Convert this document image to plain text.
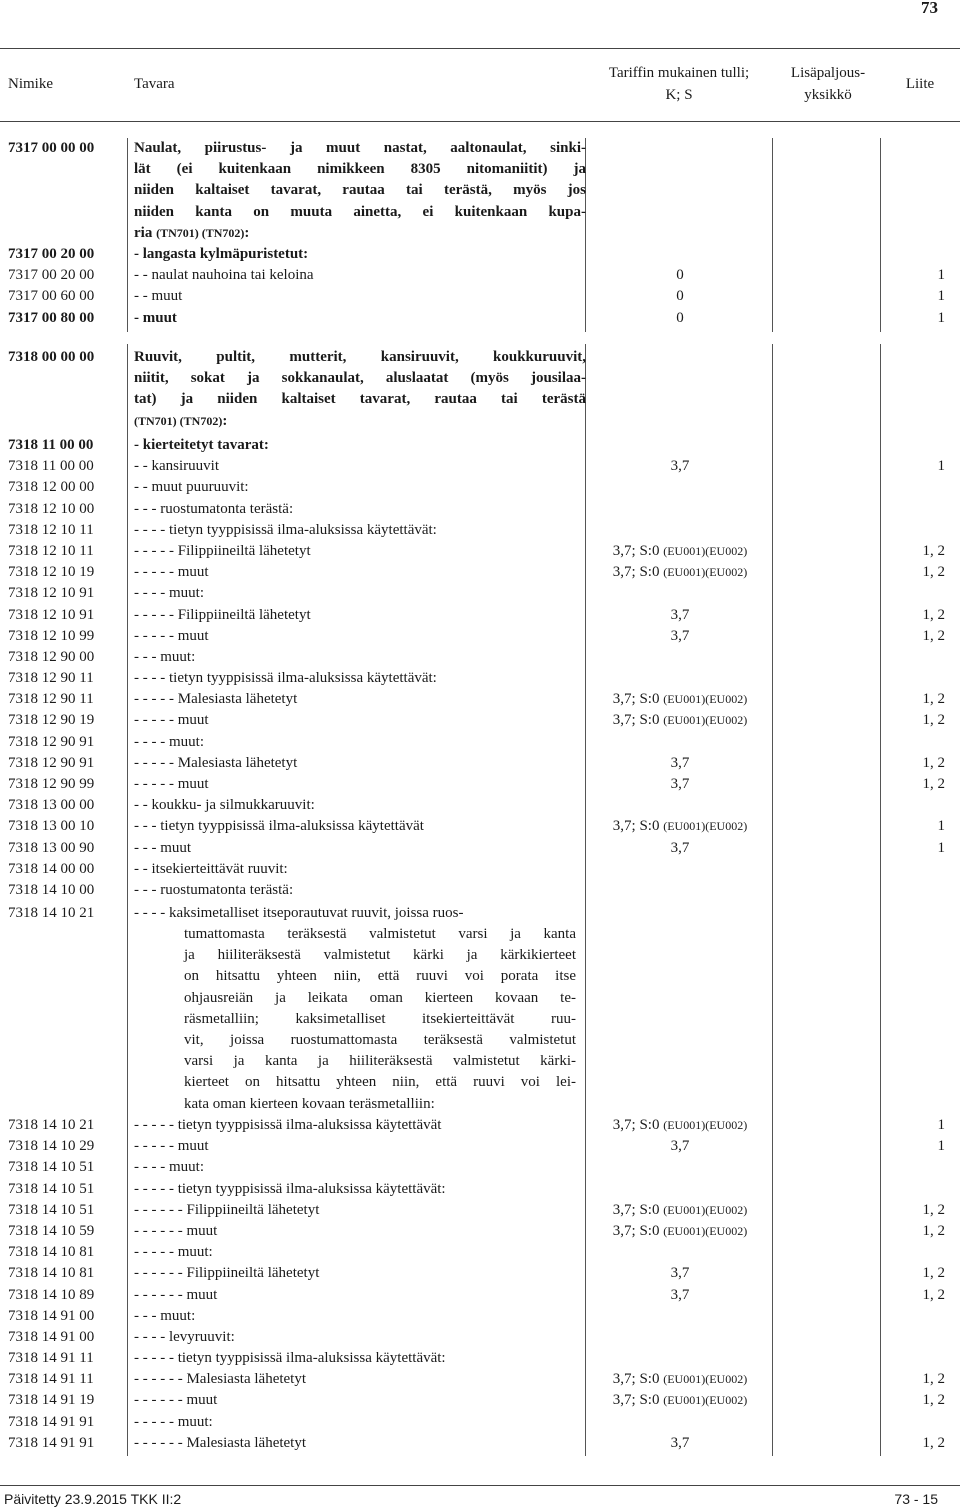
73
Nimike	Tavara
Tariffin mukainen tulli;
K; S
Lisäpaljous-
yksikkö
Liite
7317 00 00 00	Naulat, piirustus- ja muut nastat, aaltonaulat, sinki-
lät (ei kuitenkaan nimikkeen 8305 nitomaniitit) ja
niiden kaltaiset tavarat, rautaa tai terästä, myös jos
niiden kanta on muuta ainetta, ei kuitenkaan kupa-
ria (TN701) (TN702):
7317 00 20 00	- langasta kylmäpuristetut:
7317 00 20 00	- - naulat nauhoina tai keloina	0	1
7317 00 60 00	- - muut	0	1
7317 00 80 00	- muut	0	1
7318 00 00 00	Ruuvit, pultit, mutterit, kansiruuvit, koukkuruuvit,
niitit, sokat ja sokkanaulat, aluslaatat (myös jousilaa-
tat) ja niiden kaltaiset tavarat, rautaa tai terästä
(TN701) (TN702):
7318 11 00 00	- kierteitetyt tavarat:
7318 11 00 00	- - kansiruuvit	3,7	1
7318 12 00 00	- - muut puuruuvit:
7318 12 10 00	- - - ruostumatonta terästä:
7318 12 10 11	- - - - tietyn tyyppisissä ilma-aluksissa käytettävät:
7318 12 10 11	- - - - - Filippiineiltä lähetetyt	3,7; S:0 (EU001)(EU002)	1, 2
7318 12 10 19	- - - - - muut	3,7; S:0 (EU001)(EU002)	1, 2
7318 12 10 91	- - - - muut:
7318 12 10 91	- - - - - Filippiineiltä lähetetyt	3,7	1, 2
7318 12 10 99	- - - - - muut	3,7	1, 2
7318 12 90 00	- - - muut:
7318 12 90 11	- - - - tietyn tyyppisissä ilma-aluksissa käytettävät:
7318 12 90 11	- - - - - Malesiasta lähetetyt	3,7; S:0 (EU001)(EU002)	1, 2
7318 12 90 19	- - - - - muut	3,7; S:0 (EU001)(EU002)	1, 2
7318 12 90 91	- - - - muut:
7318 12 90 91	- - - - - Malesiasta lähetetyt	3,7	1, 2
7318 12 90 99	- - - - - muut	3,7	1, 2
7318 13 00 00	- - koukku- ja silmukkaruuvit:
7318 13 00 10	- - - tietyn tyyppisissä ilma-aluksissa käytettävät	3,7; S:0 (EU001)(EU002)	1
7318 13 00 90	- - - muut	3,7	1
7318 14 00 00	- - itsekierteittävät ruuvit:
7318 14 10 00	- - - ruostumatonta terästä:
7318 14 10 21	- - - - kaksimetalliset itseporautuvat ruuvit, joissa ruos-
tumattomasta teräksestä valmistetut varsi ja kanta
ja hiiliteräksestä valmistetut kärki ja kärkikierteet
on hitsattu yhteen niin, että ruuvi voi porata itse
ohjausreiän ja leikata oman kierteen kovaan te-
räsmetalliin; kaksimetalliset itsekierteittävät ruu-
vit, joissa ruostumattomasta teräksestä valmistetut
varsi ja kanta ja hiiliteräksestä valmistetut kärki-
kierteet on hitsattu yhteen niin, että ruuvi voi lei-
kata oman kierteen kovaan teräsmetalliin:
7318 14 10 21	- - - - - tietyn tyyppisissä ilma-aluksissa käytettävät	3,7; S:0 (EU001)(EU002)	1
7318 14 10 29	- - - - - muut	3,7	1
7318 14 10 51	- - - - muut:
7318 14 10 51	- - - - - tietyn tyyppisissä ilma-aluksissa käytettävät:
7318 14 10 51	- - - - - - Filippiineiltä lähetetyt	3,7; S:0 (EU001)(EU002)	1, 2
7318 14 10 59	- - - - - - muut	3,7; S:0 (EU001)(EU002)	1, 2
7318 14 10 81	- - - - - muut:
7318 14 10 81	- - - - - - Filippiineiltä lähetetyt	3,7	1, 2
7318 14 10 89	- - - - - - muut	3,7	1, 2
7318 14 91 00	- - - muut:
7318 14 91 00	- - - - levyruuvit:
7318 14 91 11	- - - - - tietyn tyyppisissä ilma-aluksissa käytettävät:
7318 14 91 11	- - - - - - Malesiasta lähetetyt	3,7; S:0 (EU001)(EU002)	1, 2
7318 14 91 19	- - - - - - muut	3,7; S:0 (EU001)(EU002)	1, 2
7318 14 91 91	- - - - - muut:
7318 14 91 91	- - - - - - Malesiasta lähetetyt	3,7	1, 2
Päivitetty 23.9.2015 TKK II:2	73 - 15
